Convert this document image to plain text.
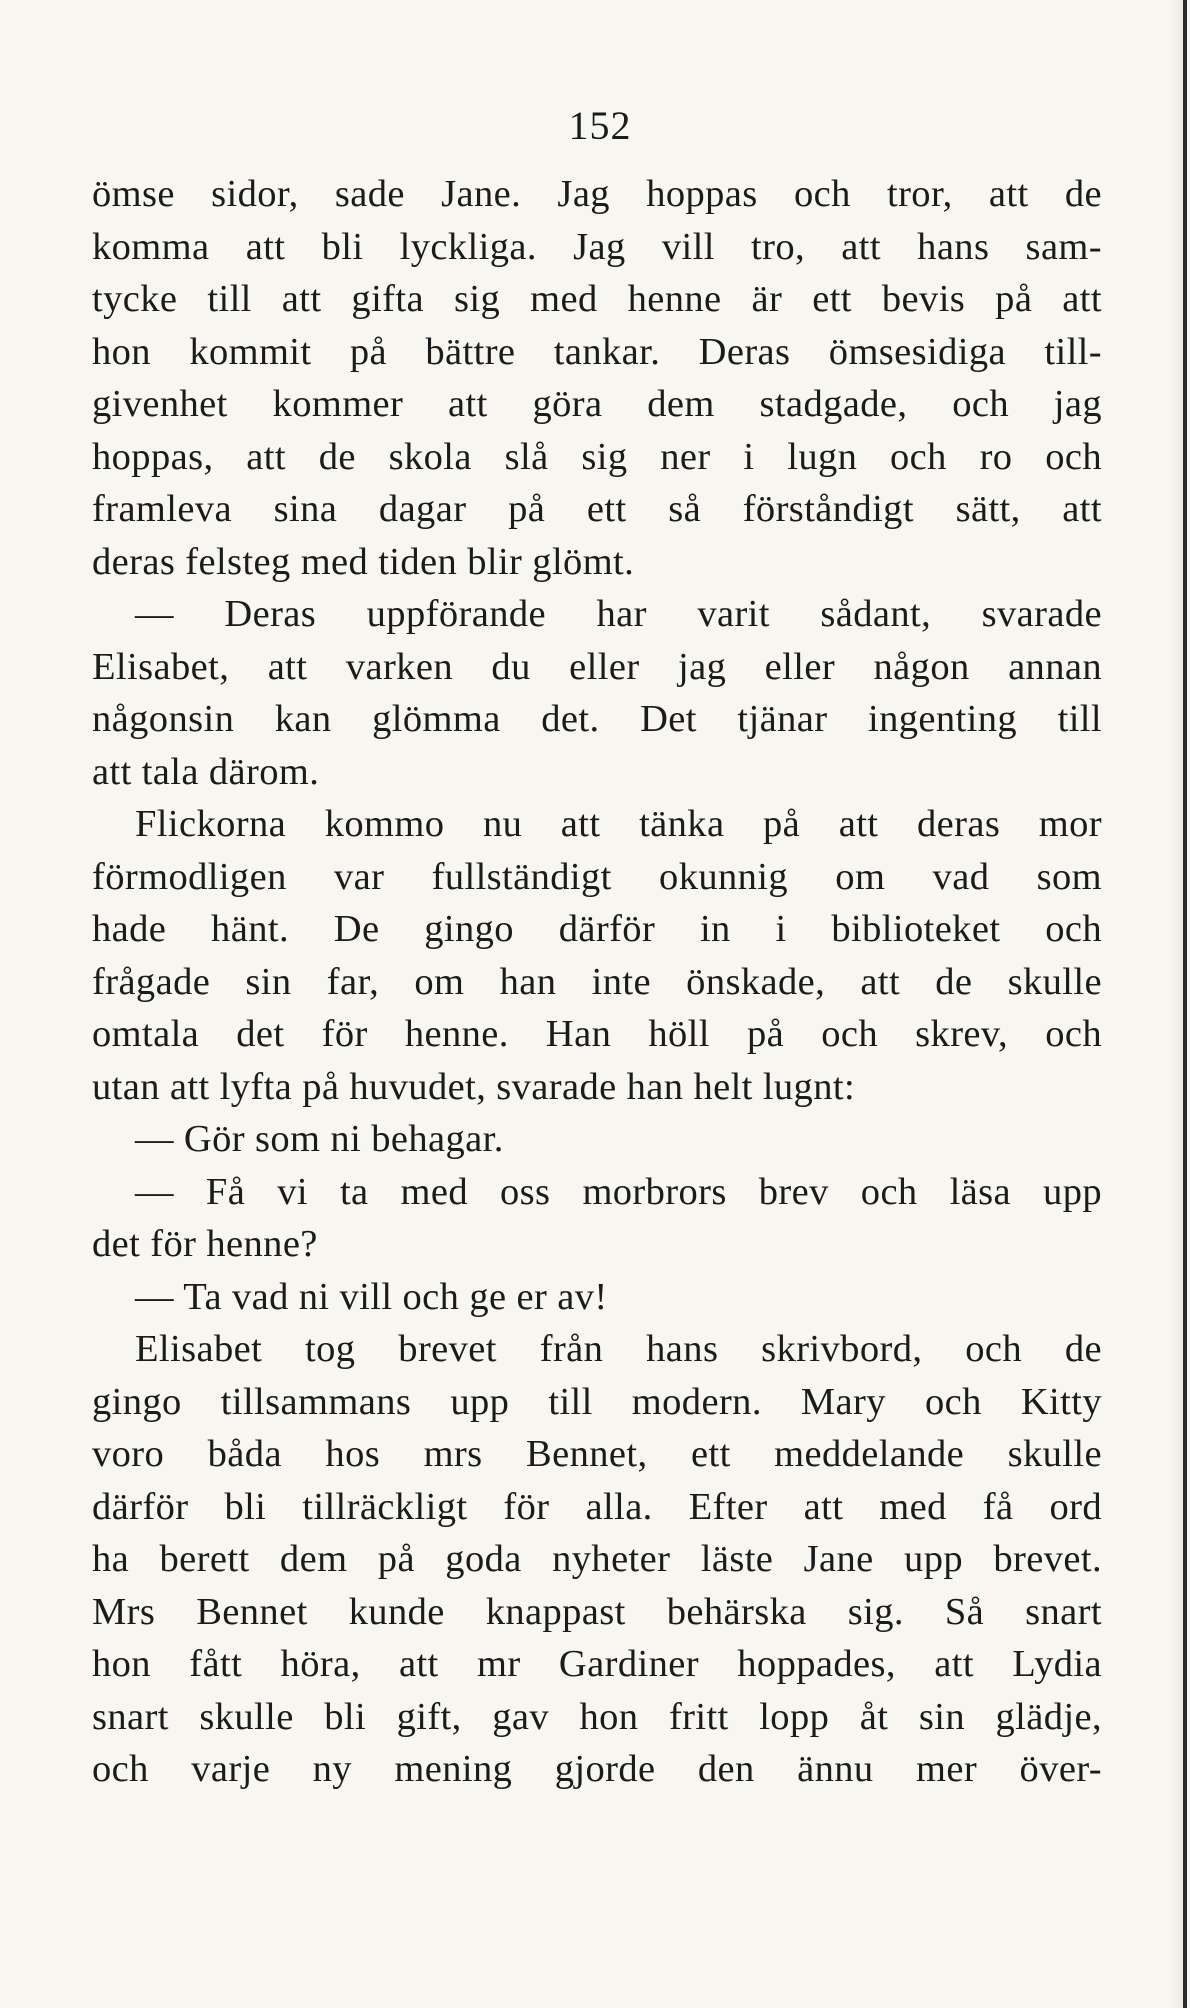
152
ömse sidor, sade Jane. Jag hoppas och tror, att de
komma att bli lyckliga. Jag vill tro, att hans sam-
tycke till att gifta sig med henne är ett bevis på att
hon kommit på bättre tankar. Deras ömsesidiga till-
givenhet kommer att göra dem stadgade, och jag
hoppas, att de skola slå sig ner i lugn och ro och
framleva sina dagar på ett så förståndigt sätt, att
deras felsteg med tiden blir glömt.
— Deras uppförande har varit sådant, svarade
Elisabet, att varken du eller jag eller någon annan
någonsin kan glömma det. Det tjänar ingenting till
att tala därom.
Flickorna kommo nu att tänka på att deras mor
förmodligen var fullständigt okunnig om vad som
hade hänt. De gingo därför in i biblioteket och
frågade sin far, om han inte önskade, att de skulle
omtala det för henne. Han höll på och skrev, och
utan att lyfta på huvudet, svarade han helt lugnt:
— Gör som ni behagar.
— Få vi ta med oss morbrors brev och läsa upp
det för henne?
— Ta vad ni vill och ge er av!
Elisabet tog brevet från hans skrivbord, och de
gingo tillsammans upp till modern. Mary och Kitty
voro båda hos mrs Bennet, ett meddelande skulle
därför bli tillräckligt för alla. Efter att med få ord
ha berett dem på goda nyheter läste Jane upp brevet.
Mrs Bennet kunde knappast behärska sig. Så snart
hon fått höra, att mr Gardiner hoppades, att Lydia
snart skulle bli gift, gav hon fritt lopp åt sin glädje,
och varje ny mening gjorde den ännu mer över-
